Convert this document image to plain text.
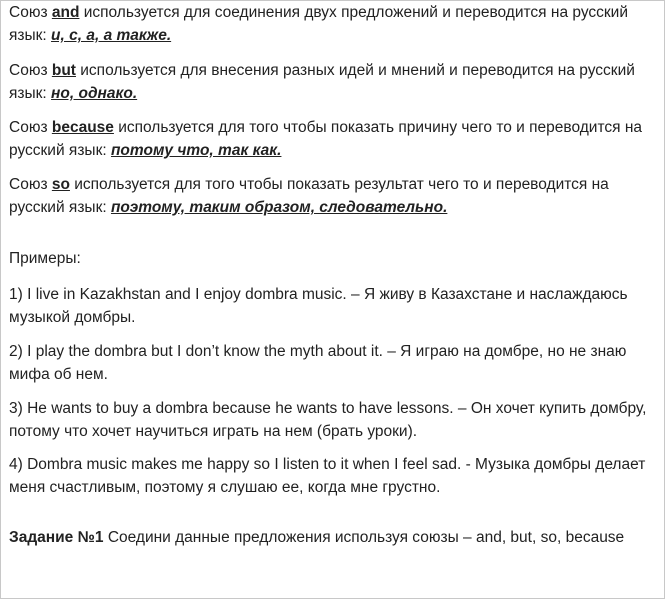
Союз and используется для соединения двух предложений и переводится на русский язык: и, с, а, а также.

Союз but используется для внесения разных идей и мнений и переводится на русский язык: но, однако.

Союз because используется для того чтобы показать причину чего то и переводится на русский язык: потому что, так как.

Союз so используется для того чтобы показать результат чего то и переводится на русский язык: поэтому, таким образом, следовательно.

Примеры:

1) I live in Kazakhstan and I enjoy dombra music. – Я живу в Казахстане и наслаждаюсь музыкой домбры.

2) I play the dombra but I don’t know the myth about it. – Я играю на домбре, но не знаю мифа об нем.

3) He wants to buy a dombra because he wants to have lessons. – Он хочет купить домбру, потому что хочет научиться играть на нем (брать уроки).

4) Dombra music makes me happy so I listen to it when I feel sad. - Музыка домбры делает меня счастливым, поэтому я слушаю ее, когда мне грустно.

Задание №1 Соедини данные предложения используя союзы – and, but, so, because
